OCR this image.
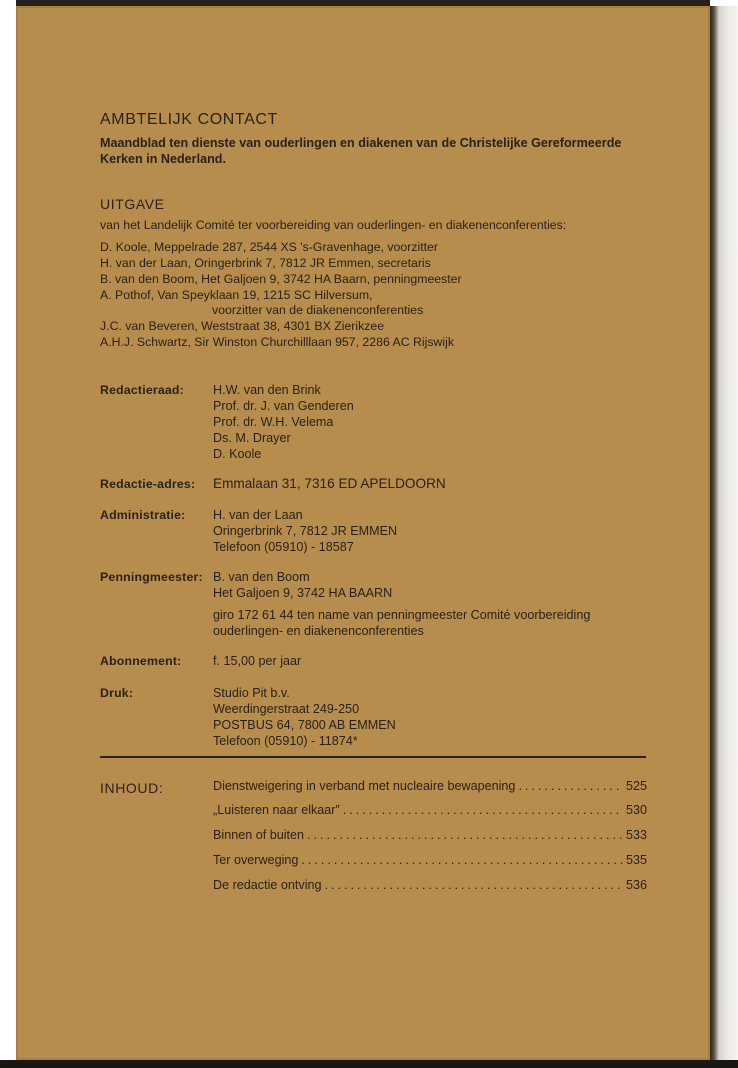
AMBTELIJK CONTACT
Maandblad ten dienste van ouderlingen en diakenen van de Christelijke Gereformeerde
Kerken in Nederland.
UITGAVE
van het Landelijk Comité ter voorbereiding van ouderlingen- en diakenenconferenties:
D. Koole, Meppelrade 287, 2544 XS 's-Gravenhage, voorzitter
H. van der Laan, Oringerbrink 7, 7812 JR Emmen, secretaris
B. van den Boom, Het Galjoen 9, 3742 HA Baarn, penningmeester
A. Pothof, Van Speyklaan 19, 1215 SC Hilversum,
voorzitter van de diakenenconferenties
J.C. van Beveren, Weststraat 38, 4301 BX Zierikzee
A.H.J. Schwartz, Sir Winston Churchilllaan 957, 2286 AC Rijswijk
Redactieraad: H.W. van den Brink
Prof. dr. J. van Genderen
Prof. dr. W.H. Velema
Ds. M. Drayer
D. Koole
Redactie-adres: Emmalaan 31, 7316 ED APELDOORN
Administratie: H. van der Laan
Oringerbrink 7, 7812 JR EMMEN
Telefoon (05910) - 18587
Penningmeester: B. van den Boom
Het Galjoen 9, 3742 HA BAARN
giro 172 61 44 ten name van penningmeester Comité voorbereiding
ouderlingen- en diakenenconferenties
Abonnement:	f. 15,00 per jaar
Druk:	Studio Pit b.v.
Weerdingerstraat 249-250
POSTBUS 64, 7800 AB EMMEN
Telefoon (05910) - 11874*
INHOUD:	Dienstweigering in verband met nucleaire bewapening .....	525
„Luisteren naar elkaar” .....	530
Binnen of buiten .....	533
Ter overweging .....	535
De redactie ontving .....	536
